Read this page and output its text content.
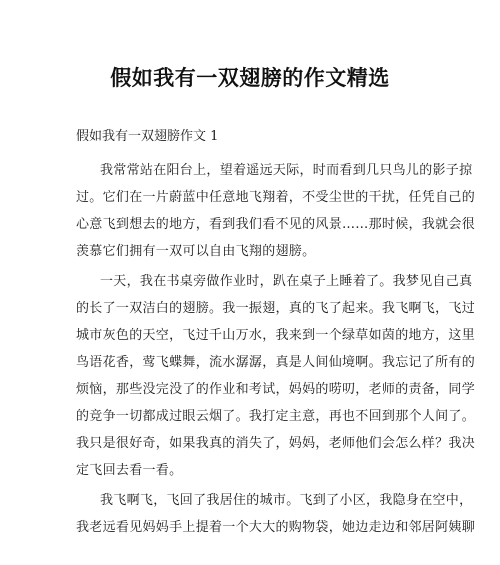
假如我有一双翅膀的作文精选
假如我有一双翅膀作文 1
我常常站在阳台上，望着遥远天际，时而看到几只鸟儿的影子掠
过。它们在一片蔚蓝中任意地飞翔着，不受尘世的干扰，任凭自己的
心意飞到想去的地方，看到我们看不见的风景……那时候，我就会很
羡慕它们拥有一双可以自由飞翔的翅膀。
一天，我在书桌旁做作业时，趴在桌子上睡着了。我梦见自己真
的长了一双洁白的翅膀。我一振翅，真的飞了起来。我飞啊飞，飞过
城市灰色的天空，飞过千山万水，我来到一个绿草如茵的地方，这里
鸟语花香，莺飞蝶舞，流水潺潺，真是人间仙境啊。我忘记了所有的
烦恼，那些没完没了的作业和考试，妈妈的唠叨，老师的责备，同学
的竞争一切都成过眼云烟了。我打定主意，再也不回到那个人间了。
我只是很好奇，如果我真的消失了，妈妈，老师他们会怎么样？我决
定飞回去看一看。
我飞啊飞，飞回了我居住的城市。飞到了小区，我隐身在空中，
我老远看见妈妈手上提着一个大大的购物袋，她边走边和邻居阿姨聊
